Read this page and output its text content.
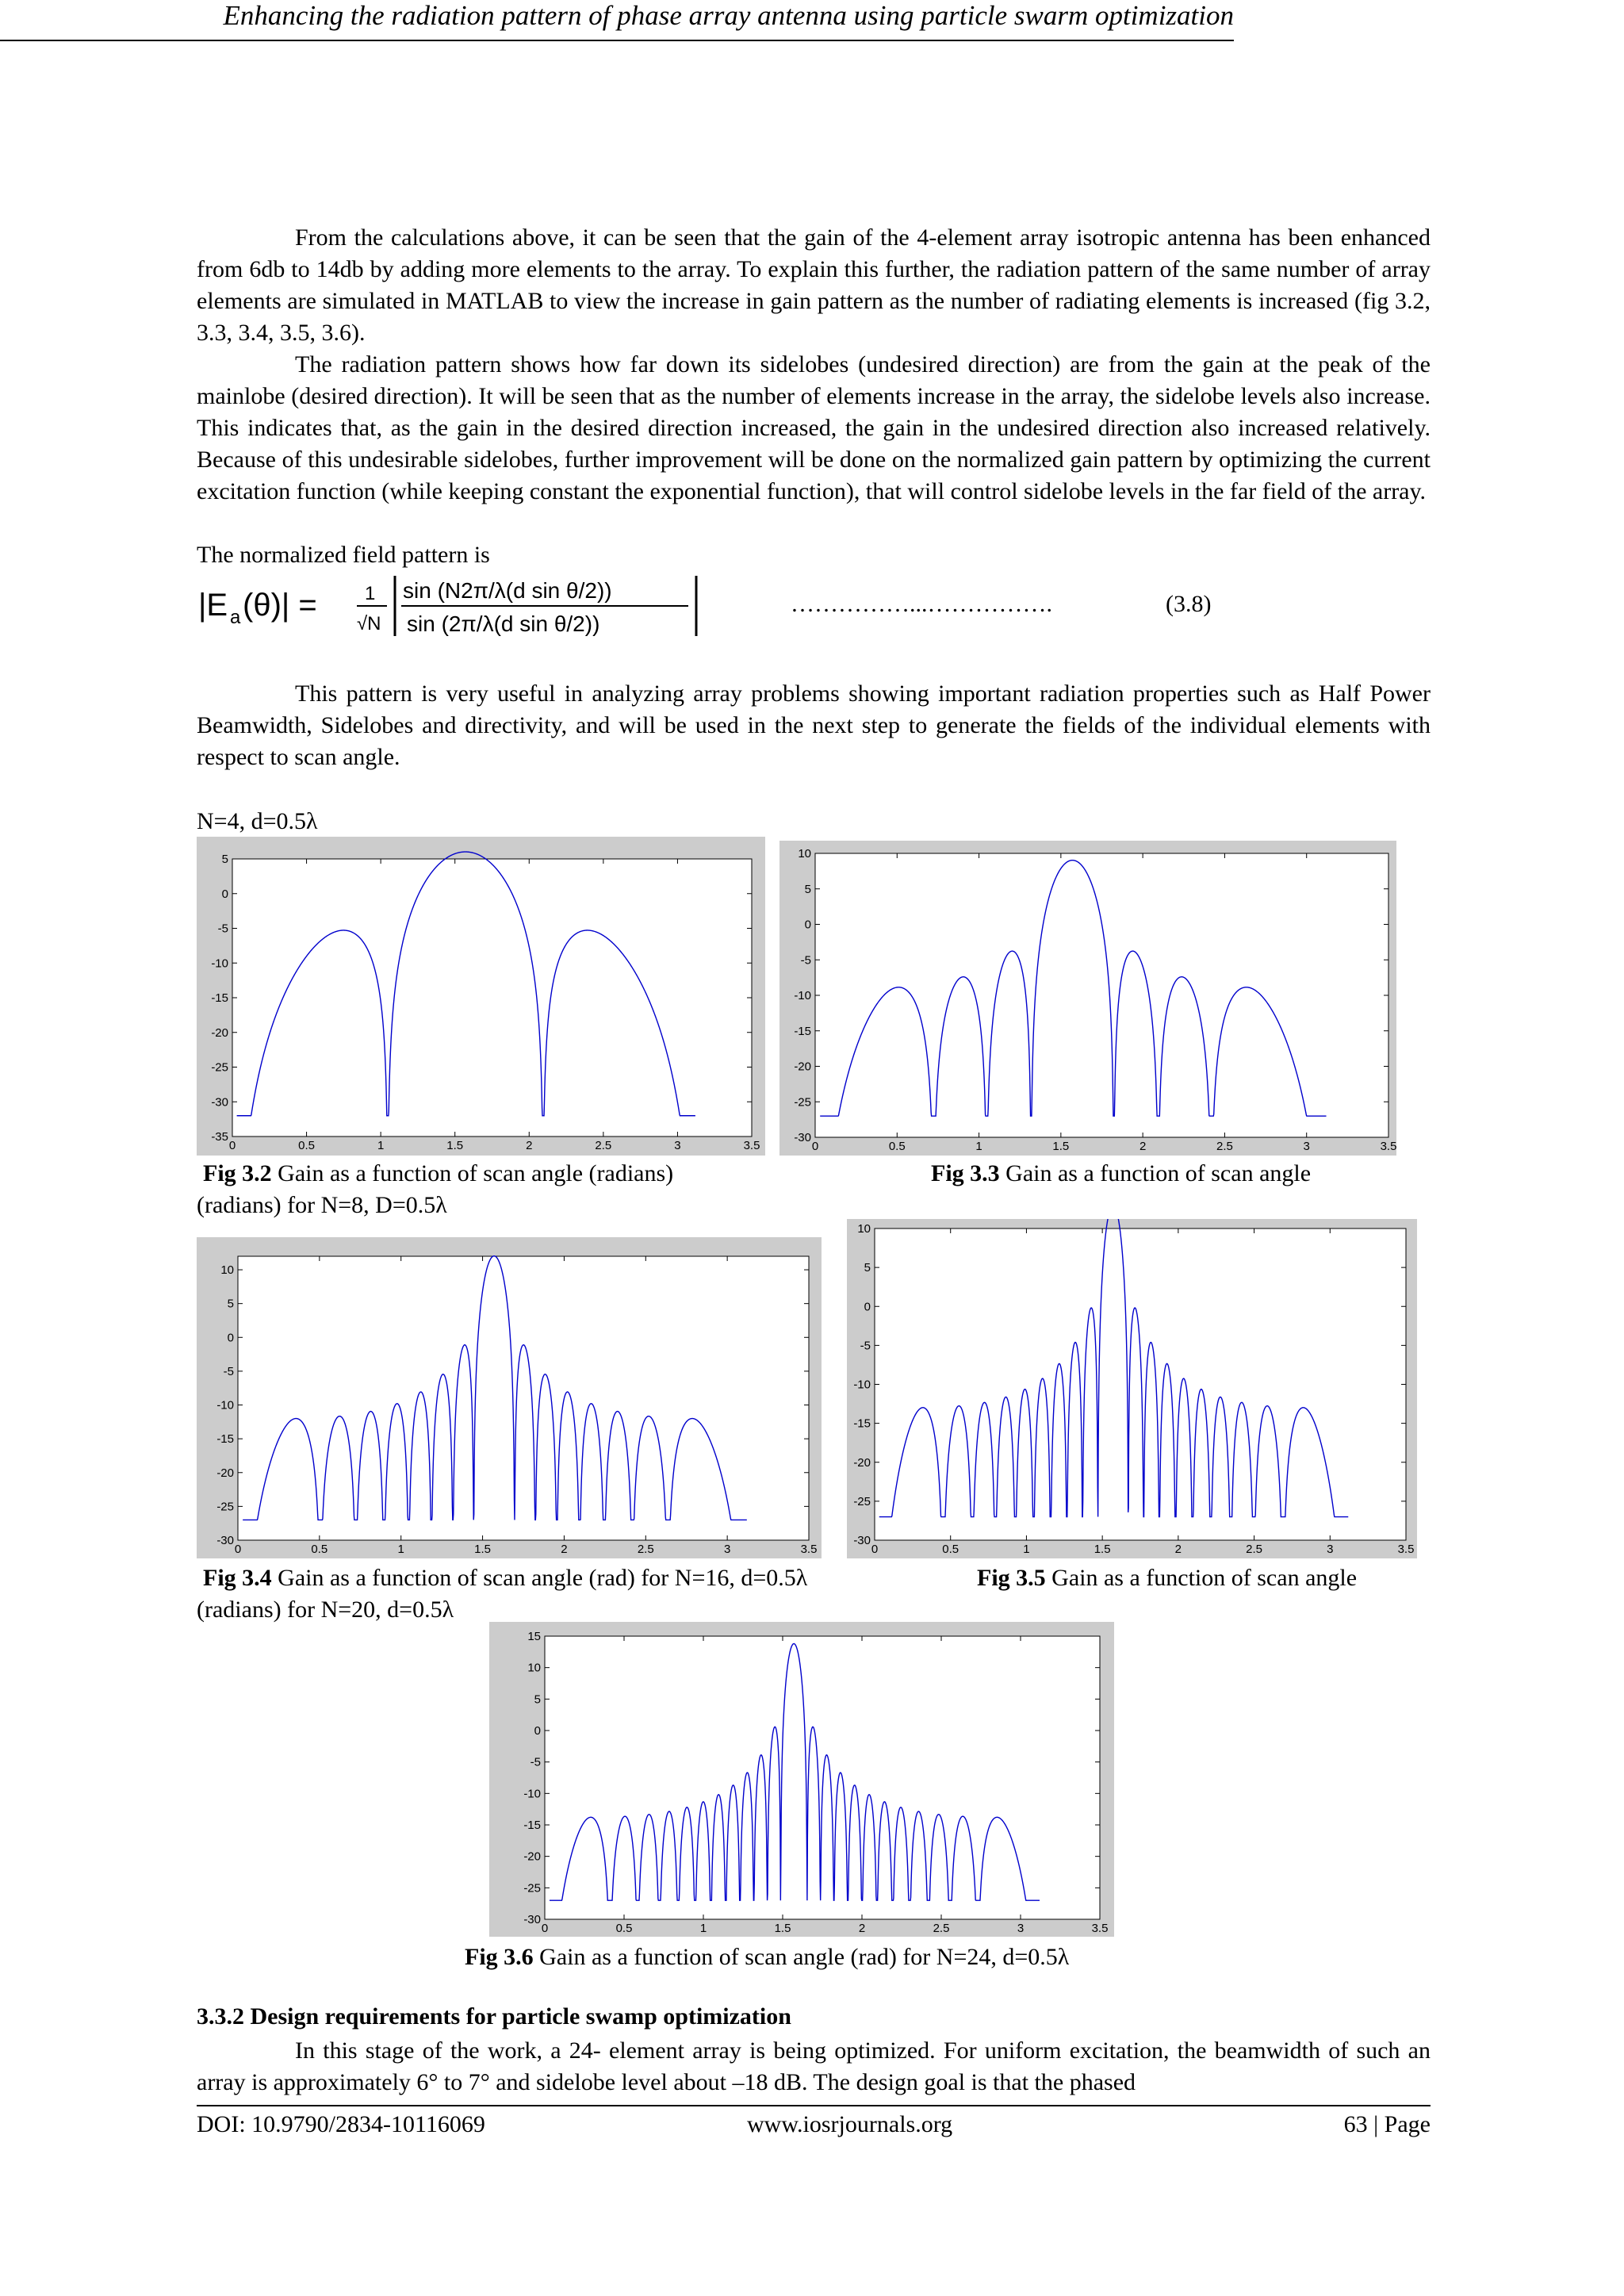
Enhancing the radiation pattern of phase array antenna using particle swarm optimization

From the calculations above, it can be seen that the gain of the 4-element array isotropic antenna has been enhanced from 6db to 14db by adding more elements to the array. To explain this further, the radiation pattern of the same number of array elements are simulated in MATLAB to view the increase in gain pattern as the number of radiating elements is increased (fig 3.2, 3.3, 3.4, 3.5, 3.6).

The radiation pattern shows how far down its sidelobes (undesired direction) are from the gain at the peak of the mainlobe (desired direction). It will be seen that as the number of elements increase in the array, the sidelobe levels also increase. This indicates that, as the gain in the desired direction increased, the gain in the undesired direction also increased relatively. Because of this undesirable sidelobes, further improvement will be done on the normalized gain pattern by optimizing the current excitation function (while keeping constant the exponential function), that will control sidelobe levels in the far field of the array.

The normalized field pattern is
|E a (θ)| =	1
√N
sin (N2π/λ(d sin θ/2))
sin (2π/λ(d sin θ/2))
……………...…………….	(3.8)

This pattern is very useful in analyzing array problems showing important radiation properties such as Half Power Beamwidth, Sidelobes and directivity, and will be used in the next step to generate the fields of the individual elements with respect to scan angle.

N=4, d=0.5λ
0	0.5	1	1.5	2	2.5	3	3.5
5
0
-5
-10
-15
-20
-25
-30
-35
0	0.5	1	1.5	2	2.5	3	3.5
10
5
0
-5
-10
-15
-20
-25
-30
Fig 3.2 Gain as a function of scan angle (radians)	Fig 3.3 Gain as a function of scan angle
(radians) for N=8, D=0.5λ
0	0.5	1	1.5	2	2.5	3	3.5
10
5
0
-5
-10
-15
-20
-25
-30
0	0.5	1	1.5	2	2.5	3	3.5
10
5
0
-5
-10
-15
-20
-25
-30
Fig 3.4 Gain as a function of scan angle (rad) for N=16, d=0.5λ	Fig 3.5 Gain as a function of scan angle
(radians) for N=20, d=0.5λ
0	0.5	1	1.5	2	2.5	3	3.5
15
10
5
0
-5
-10
-15
-20
-25
-30
Fig 3.6 Gain as a function of scan angle (rad) for N=24, d=0.5λ
3.3.2 Design requirements for particle swamp optimization

In this stage of the work, a 24- element array is being optimized. For uniform excitation, the beamwidth of such an array is approximately 6° to 7° and sidelobe level about –18 dB. The design goal is that the phased

DOI: 10.9790/2834-10116069	www.iosrjournals.org	63 | Page
